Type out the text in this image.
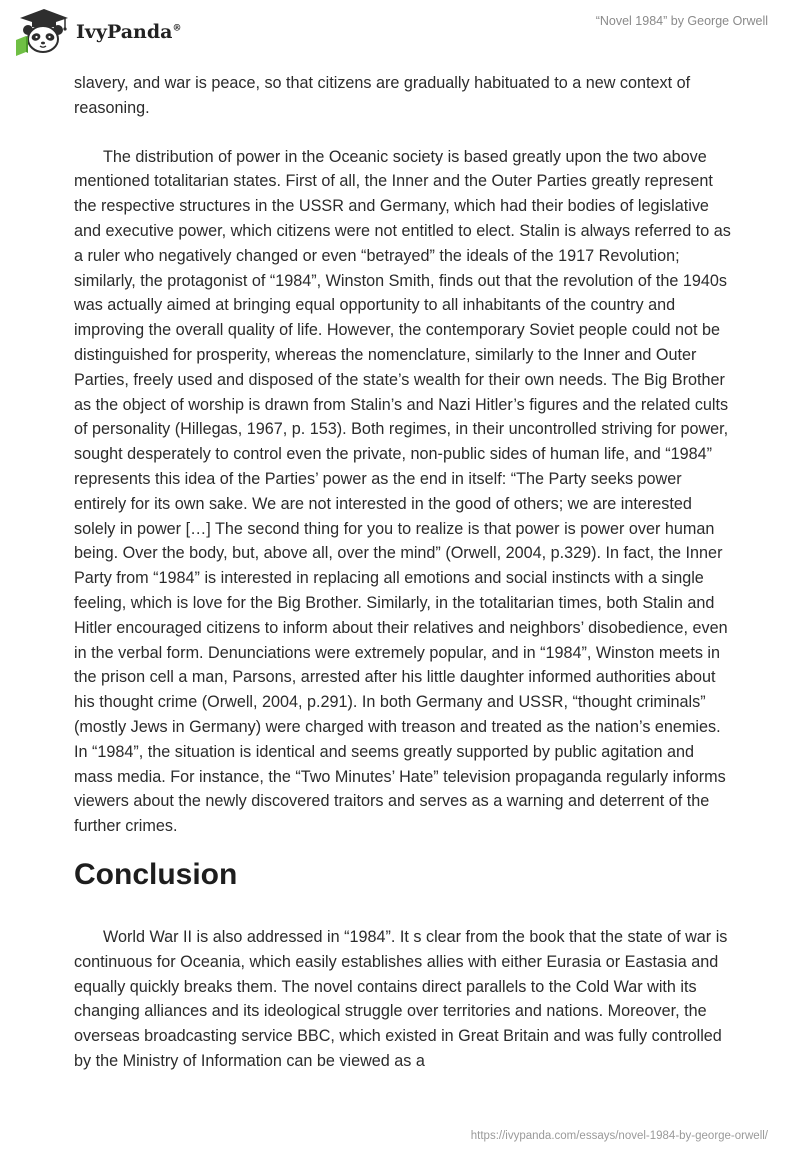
IvyPanda®
“Novel 1984” by George Orwell

slavery, and war is peace, so that citizens are gradually habituated to a new context of reasoning.

The distribution of power in the Oceanic society is based greatly upon the two above mentioned totalitarian states. First of all, the Inner and the Outer Parties greatly represent the respective structures in the USSR and Germany, which had their bodies of legislative and executive power, which citizens were not entitled to elect. Stalin is always referred to as a ruler who negatively changed or even “betrayed” the ideals of the 1917 Revolution; similarly, the protagonist of “1984”, Winston Smith, finds out that the revolution of the 1940s was actually aimed at bringing equal opportunity to all inhabitants of the country and improving the overall quality of life. However, the contemporary Soviet people could not be distinguished for prosperity, whereas the nomenclature, similarly to the Inner and Outer Parties, freely used and disposed of the state’s wealth for their own needs. The Big Brother as the object of worship is drawn from Stalin’s and Nazi Hitler’s figures and the related cults of personality (Hillegas, 1967, p. 153). Both regimes, in their uncontrolled striving for power, sought desperately to control even the private, non-public sides of human life, and “1984” represents this idea of the Parties’ power as the end in itself: “The Party seeks power entirely for its own sake. We are not interested in the good of others; we are interested solely in power […] The second thing for you to realize is that power is power over human being. Over the body, but, above all, over the mind” (Orwell, 2004, p.329). In fact, the Inner Party from “1984” is interested in replacing all emotions and social instincts with a single feeling, which is love for the Big Brother. Similarly, in the totalitarian times, both Stalin and Hitler encouraged citizens to inform about their relatives and neighbors’ disobedience, even in the verbal form. Denunciations were extremely popular, and in “1984”, Winston meets in the prison cell a man, Parsons, arrested after his little daughter informed authorities about his thought crime (Orwell, 2004, p.291). In both Germany and USSR, “thought criminals” (mostly Jews in Germany) were charged with treason and treated as the nation’s enemies. In “1984”, the situation is identical and seems greatly supported by public agitation and mass media. For instance, the “Two Minutes’ Hate” television propaganda regularly informs viewers about the newly discovered traitors and serves as a warning and deterrent of the further crimes.

Conclusion

World War II is also addressed in “1984”. It s clear from the book that the state of war is continuous for Oceania, which easily establishes allies with either Eurasia or Eastasia and equally quickly breaks them. The novel contains direct parallels to the Cold War with its changing alliances and its ideological struggle over territories and nations. Moreover, the overseas broadcasting service BBC, which existed in Great Britain and was fully controlled by the Ministry of Information can be viewed as a

https://ivypanda.com/essays/novel-1984-by-george-orwell/
